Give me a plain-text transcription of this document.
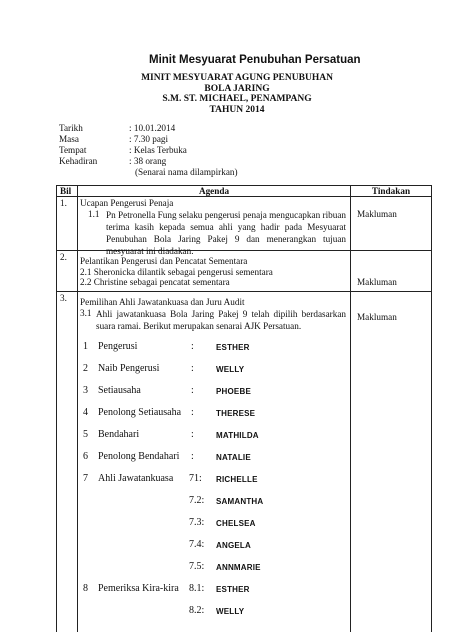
Minit Mesyuarat Penubuhan Persatuan
MINIT MESYUARAT AGUNG PENUBUHAN
BOLA JARING
S.M. ST. MICHAEL, PENAMPANG
TAHUN 2014
Tarikh	: 10.01.2014
Masa	: 7.30 pagi
Tempat	: Kelas Terbuka
Kehadiran	: 38 orang
(Senarai nama dilampirkan)
Bil	Agenda	Tindakan
1. Ucapan Pengerusi Penaja
1.1 Pn Petronella Fung selaku pengerusi penaja mengucapkan ribuan terima kasih kepada semua ahli yang hadir pada Mesyuarat Penubuhan Bola Jaring Pakej 9 dan menerangkan tujuan mesyuarat ini diadakan.
Makluman
2. Pelantikan Pengerusi dan Pencatat Sementara
2.1 Sheronicka dilantik sebagai pengerusi sementara
2.2 Christine sebagai pencatat sementara	Makluman
3. Pemilihan Ahli Jawatankuasa dan Juru Audit
3.1 Ahli jawatankuasa Bola Jaring Pakej 9 telah dipilih berdasarkan suara ramai. Berikut merupakan senarai AJK Persatuan.
Makluman
1 Pengerusi	:	ESTHER
2 Naib Pengerusi	:	WELLY
3 Setiausaha	:	PHOEBE
4 Penolong Setiausaha :	THERESE
5 Bendahari	:	MATHILDA
6 Penolong Bendahari :	NATALIE
7 Ahli Jawatankuasa 71: RICHELLE
7.2: SAMANTHA
7.3: CHELSEA
7.4: ANGELA
7.5: ANNMARIE
8 Pemeriksa Kira-kira 8.1: ESTHER
8.2: WELLY
